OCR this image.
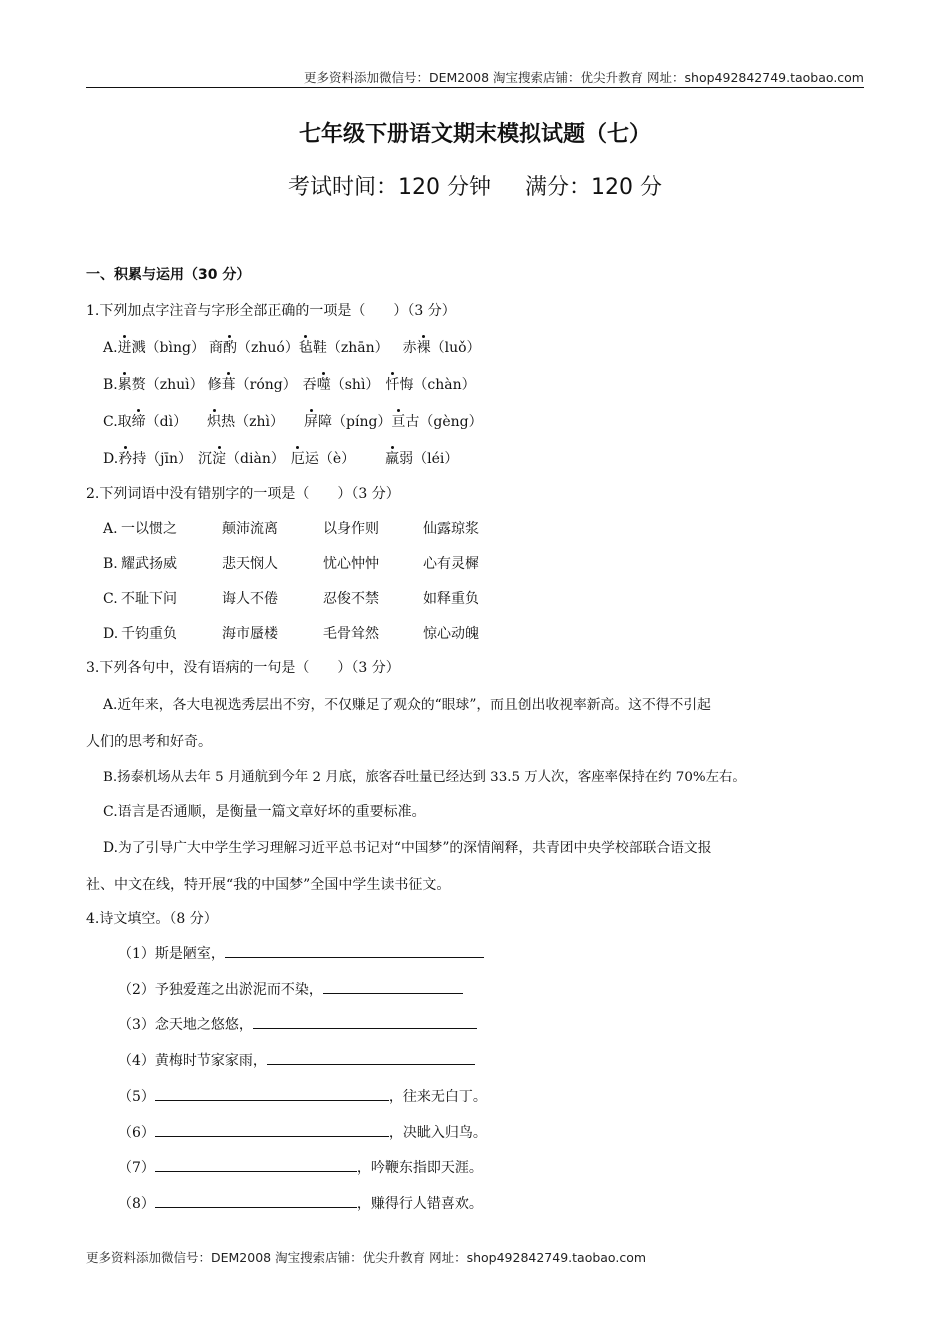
更多资料添加微信号：DEM2008 淘宝搜索店铺：优尖升教育 网址：shop492842749.taobao.com
七年级下册语文期末模拟试题（七）
考试时间：120 分钟 满分：120 分
一、积累与运用（30 分）
1.下列加点字注音与字形全部正确的一项是（　　）（3 分）
A.迸溅（bìng） 商酌（zhuó）毡鞋（zhān） 赤裸（luǒ）
B.累赘（zhuì） 修葺（róng） 吞噬（shì） 忏悔（chàn）
C.取缔（dì） 炽热（zhì） 屏障（píng）亘古（gèng）
D.矜持（jīn） 沉淀（diàn） 厄运（è） 羸弱（léi）
2.下列词语中没有错别字的一项是（　　）（3 分）
A. 一以惯之	颠沛流离	以身作则	仙露琼浆
B. 耀武扬威	悲天悯人	忧心忡忡	心有灵樨
C. 不耻下问	诲人不倦	忍俊不禁	如释重负
D. 千钧重负	海市蜃楼	毛骨耸然	惊心动魄
3.下列各句中，没有语病的一句是（　　）（3 分）
A.近年来，各大电视选秀层出不穷，不仅赚足了观众的“眼球”，而且创出收视率新高。这不得不引起
人们的思考和好奇。
B.扬泰机场从去年 5 月通航到今年 2 月底，旅客吞吐量已经达到 33.5 万人次，客座率保持在约 70%左右。
C.语言是否通顺，是衡量一篇文章好坏的重要标准。
D.为了引导广大中学生学习理解习近平总书记对“中国梦”的深情阐释，共青团中央学校部联合语文报
社、中文在线，特开展“我的中国梦”全国中学生读书征文。
4.诗文填空。（8 分）
（1）斯是陋室，
（2）予独爱莲之出淤泥而不染，
（3）念天地之悠悠，
（4）黄梅时节家家雨，
（5）	，往来无白丁。
（6）	，决眦入归鸟。
（7）	，吟鞭东指即天涯。
（8）	，赚得行人错喜欢。
更多资料添加微信号：DEM2008 淘宝搜索店铺：优尖升教育 网址：shop492842749.taobao.com
